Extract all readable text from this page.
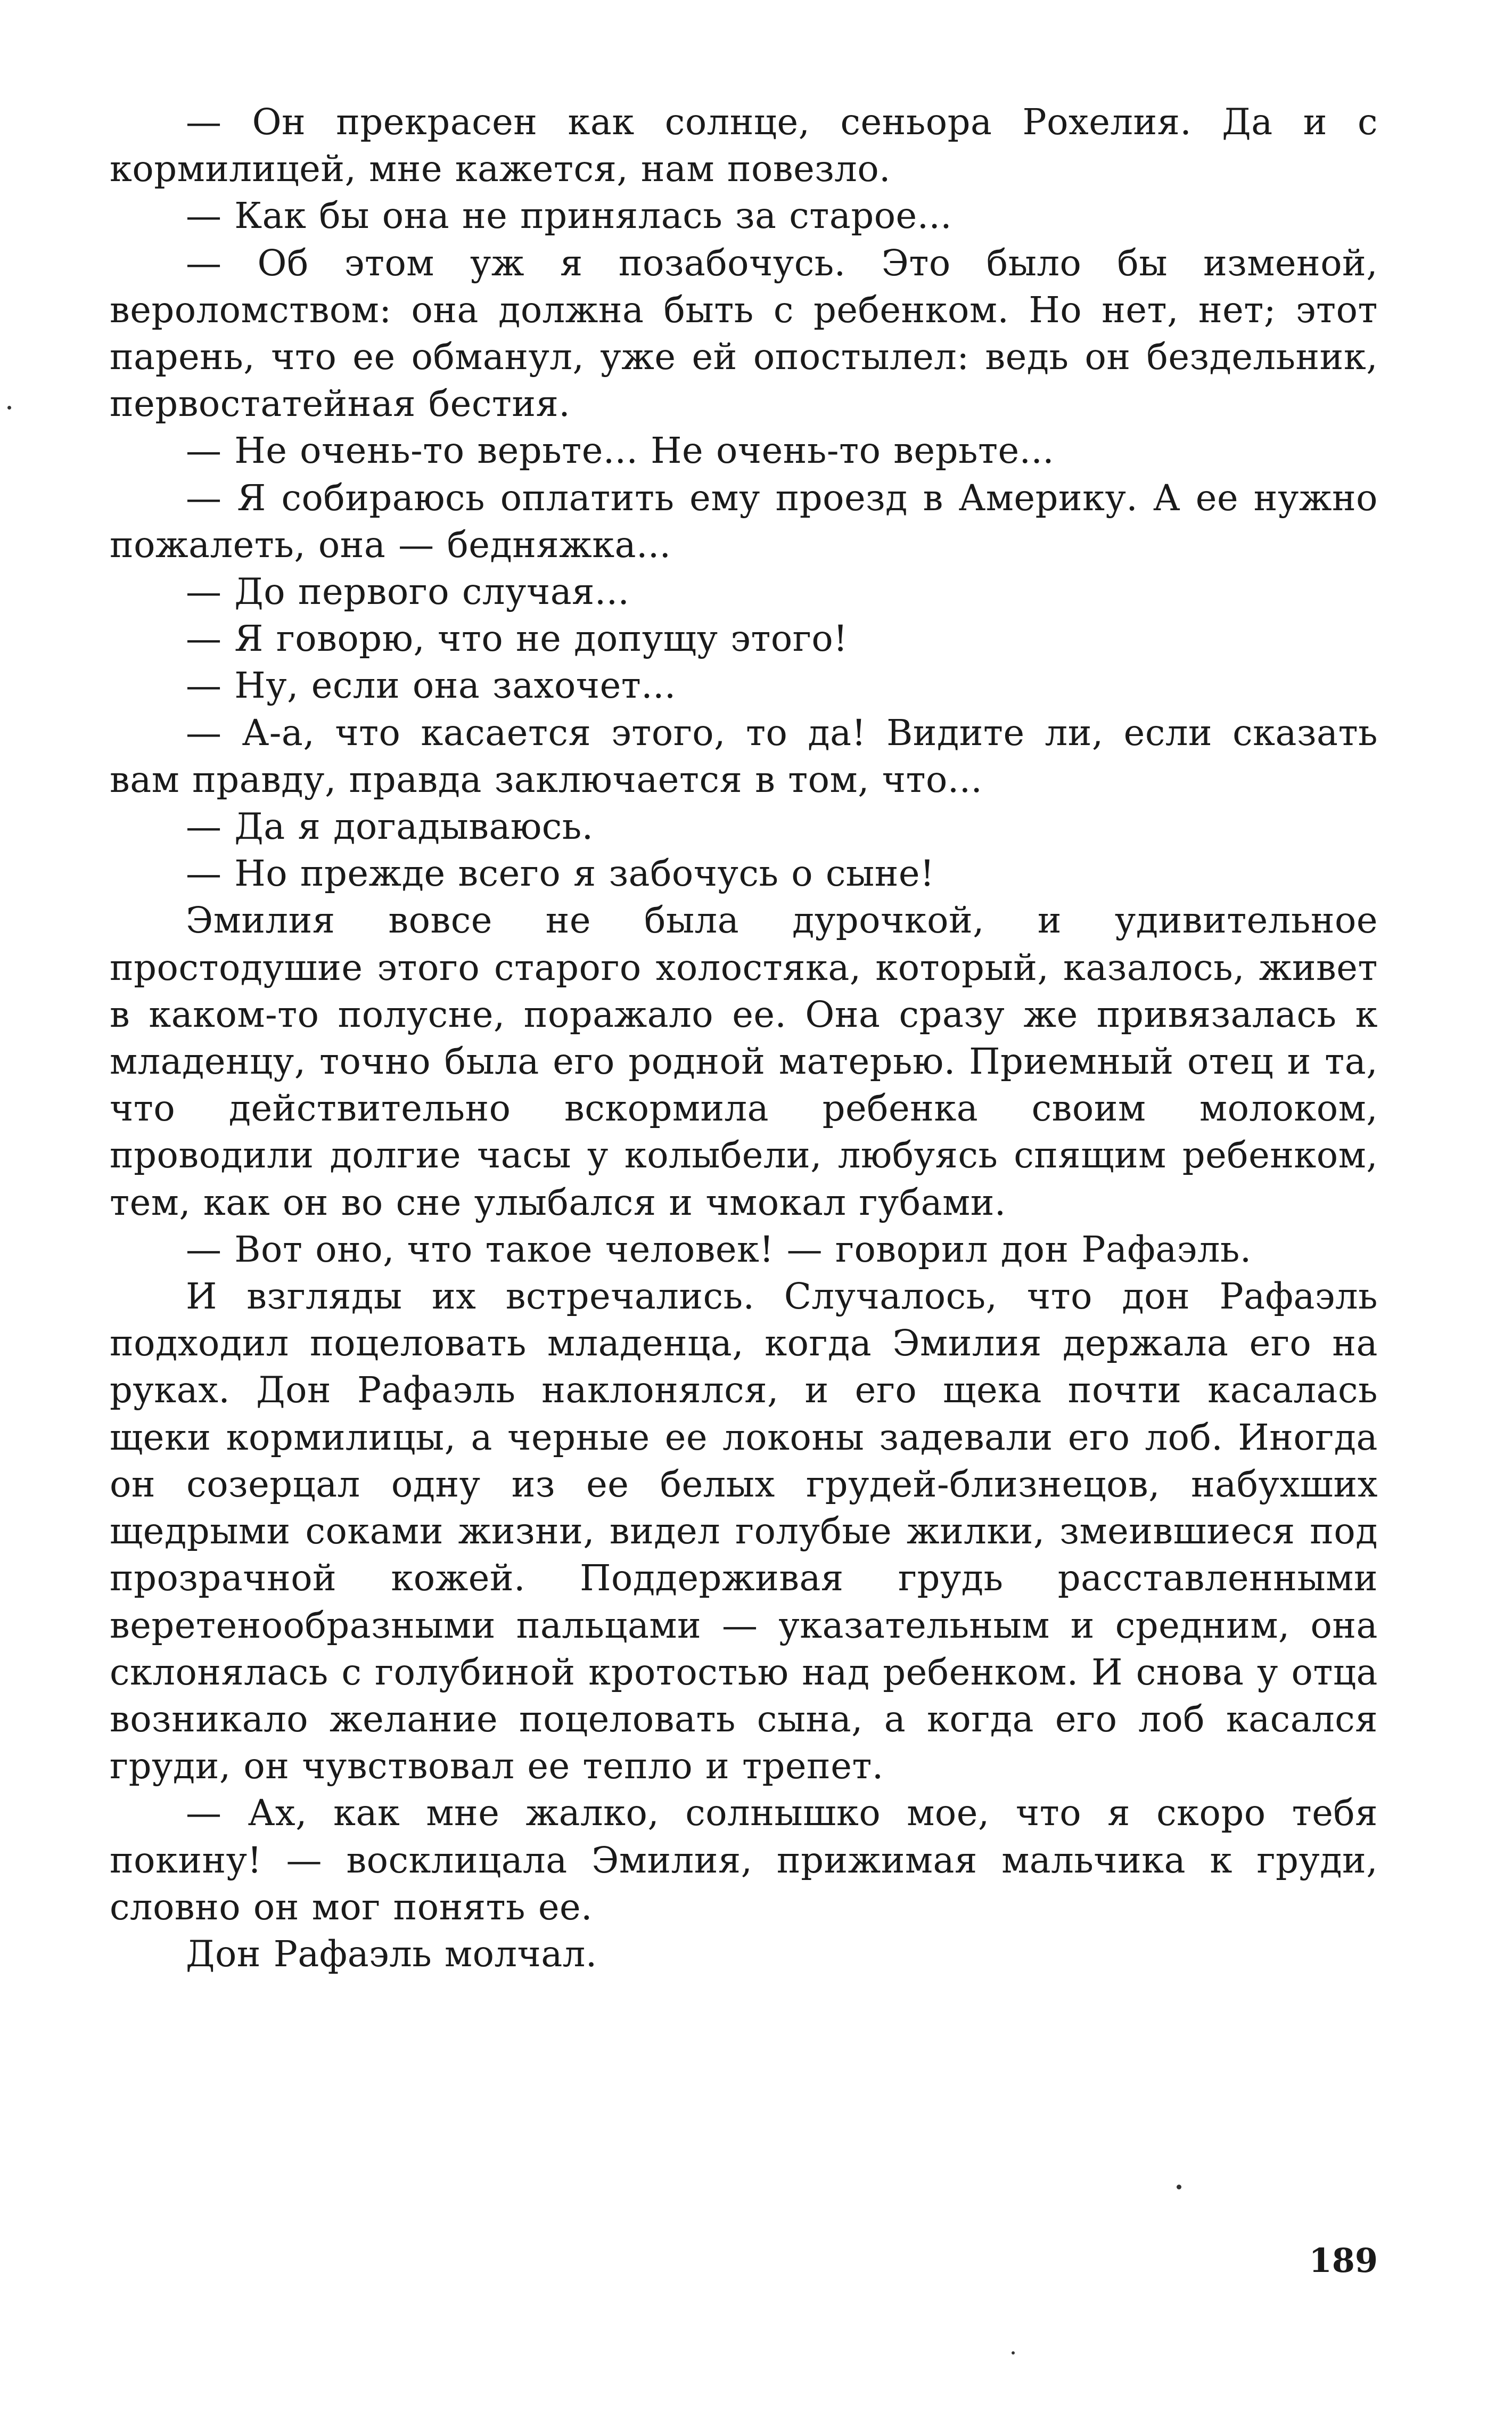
— Он прекрасен как солнце, сеньора Рохелия. Да и с кормилицей, мне кажется, нам повезло.

— Как бы она не принялась за старое...

— Об этом уж я позабочусь. Это было бы изменой, вероломством: она должна быть с ребенком. Но нет, нет; этот парень, что ее обманул, уже ей опостылел: ведь он бездельник, первостатейная бестия.

— Не очень-то верьте... Не очень-то верьте...

— Я собираюсь оплатить ему проезд в Америку. А ее нужно пожалеть, она — бедняжка...

— До первого случая...

— Я говорю, что не допущу этого!

— Ну, если она захочет...

— А-а, что касается этого, то да! Видите ли, если сказать вам правду, правда заключается в том, что...

— Да я догадываюсь.

— Но прежде всего я забочусь о сыне!

Эмилия вовсе не была дурочкой, и удивительное простодушие этого старого холостяка, который, казалось, живет в каком-то полусне, поражало ее. Она сразу же привязалась к младенцу, точно была его родной матерью. Приемный отец и та, что действительно вскормила ребенка своим молоком, проводили долгие часы у колыбели, любуясь спящим ребенком, тем, как он во сне улыбался и чмокал губами.

— Вот оно, что такое человек! — говорил дон Рафаэль.

И взгляды их встречались. Случалось, что дон Рафаэль подходил поцеловать младенца, когда Эмилия держала его на руках. Дон Рафаэль наклонялся, и его щека почти касалась щеки кормилицы, а черные ее локоны задевали его лоб. Иногда он созерцал одну из ее белых грудей-близнецов, набухших щедрыми соками жизни, видел голубые жилки, змеившиеся под прозрачной кожей. Поддерживая грудь расставленными веретенообразными пальцами — указательным и средним, она склонялась с голубиной кротостью над ребенком. И снова у отца возникало желание поцеловать сына, а когда его лоб касался груди, он чувствовал ее тепло и трепет.

— Ах, как мне жалко, солнышко мое, что я скоро тебя покину! — восклицала Эмилия, прижимая мальчика к груди, словно он мог понять ее.

Дон Рафаэль молчал.

189
